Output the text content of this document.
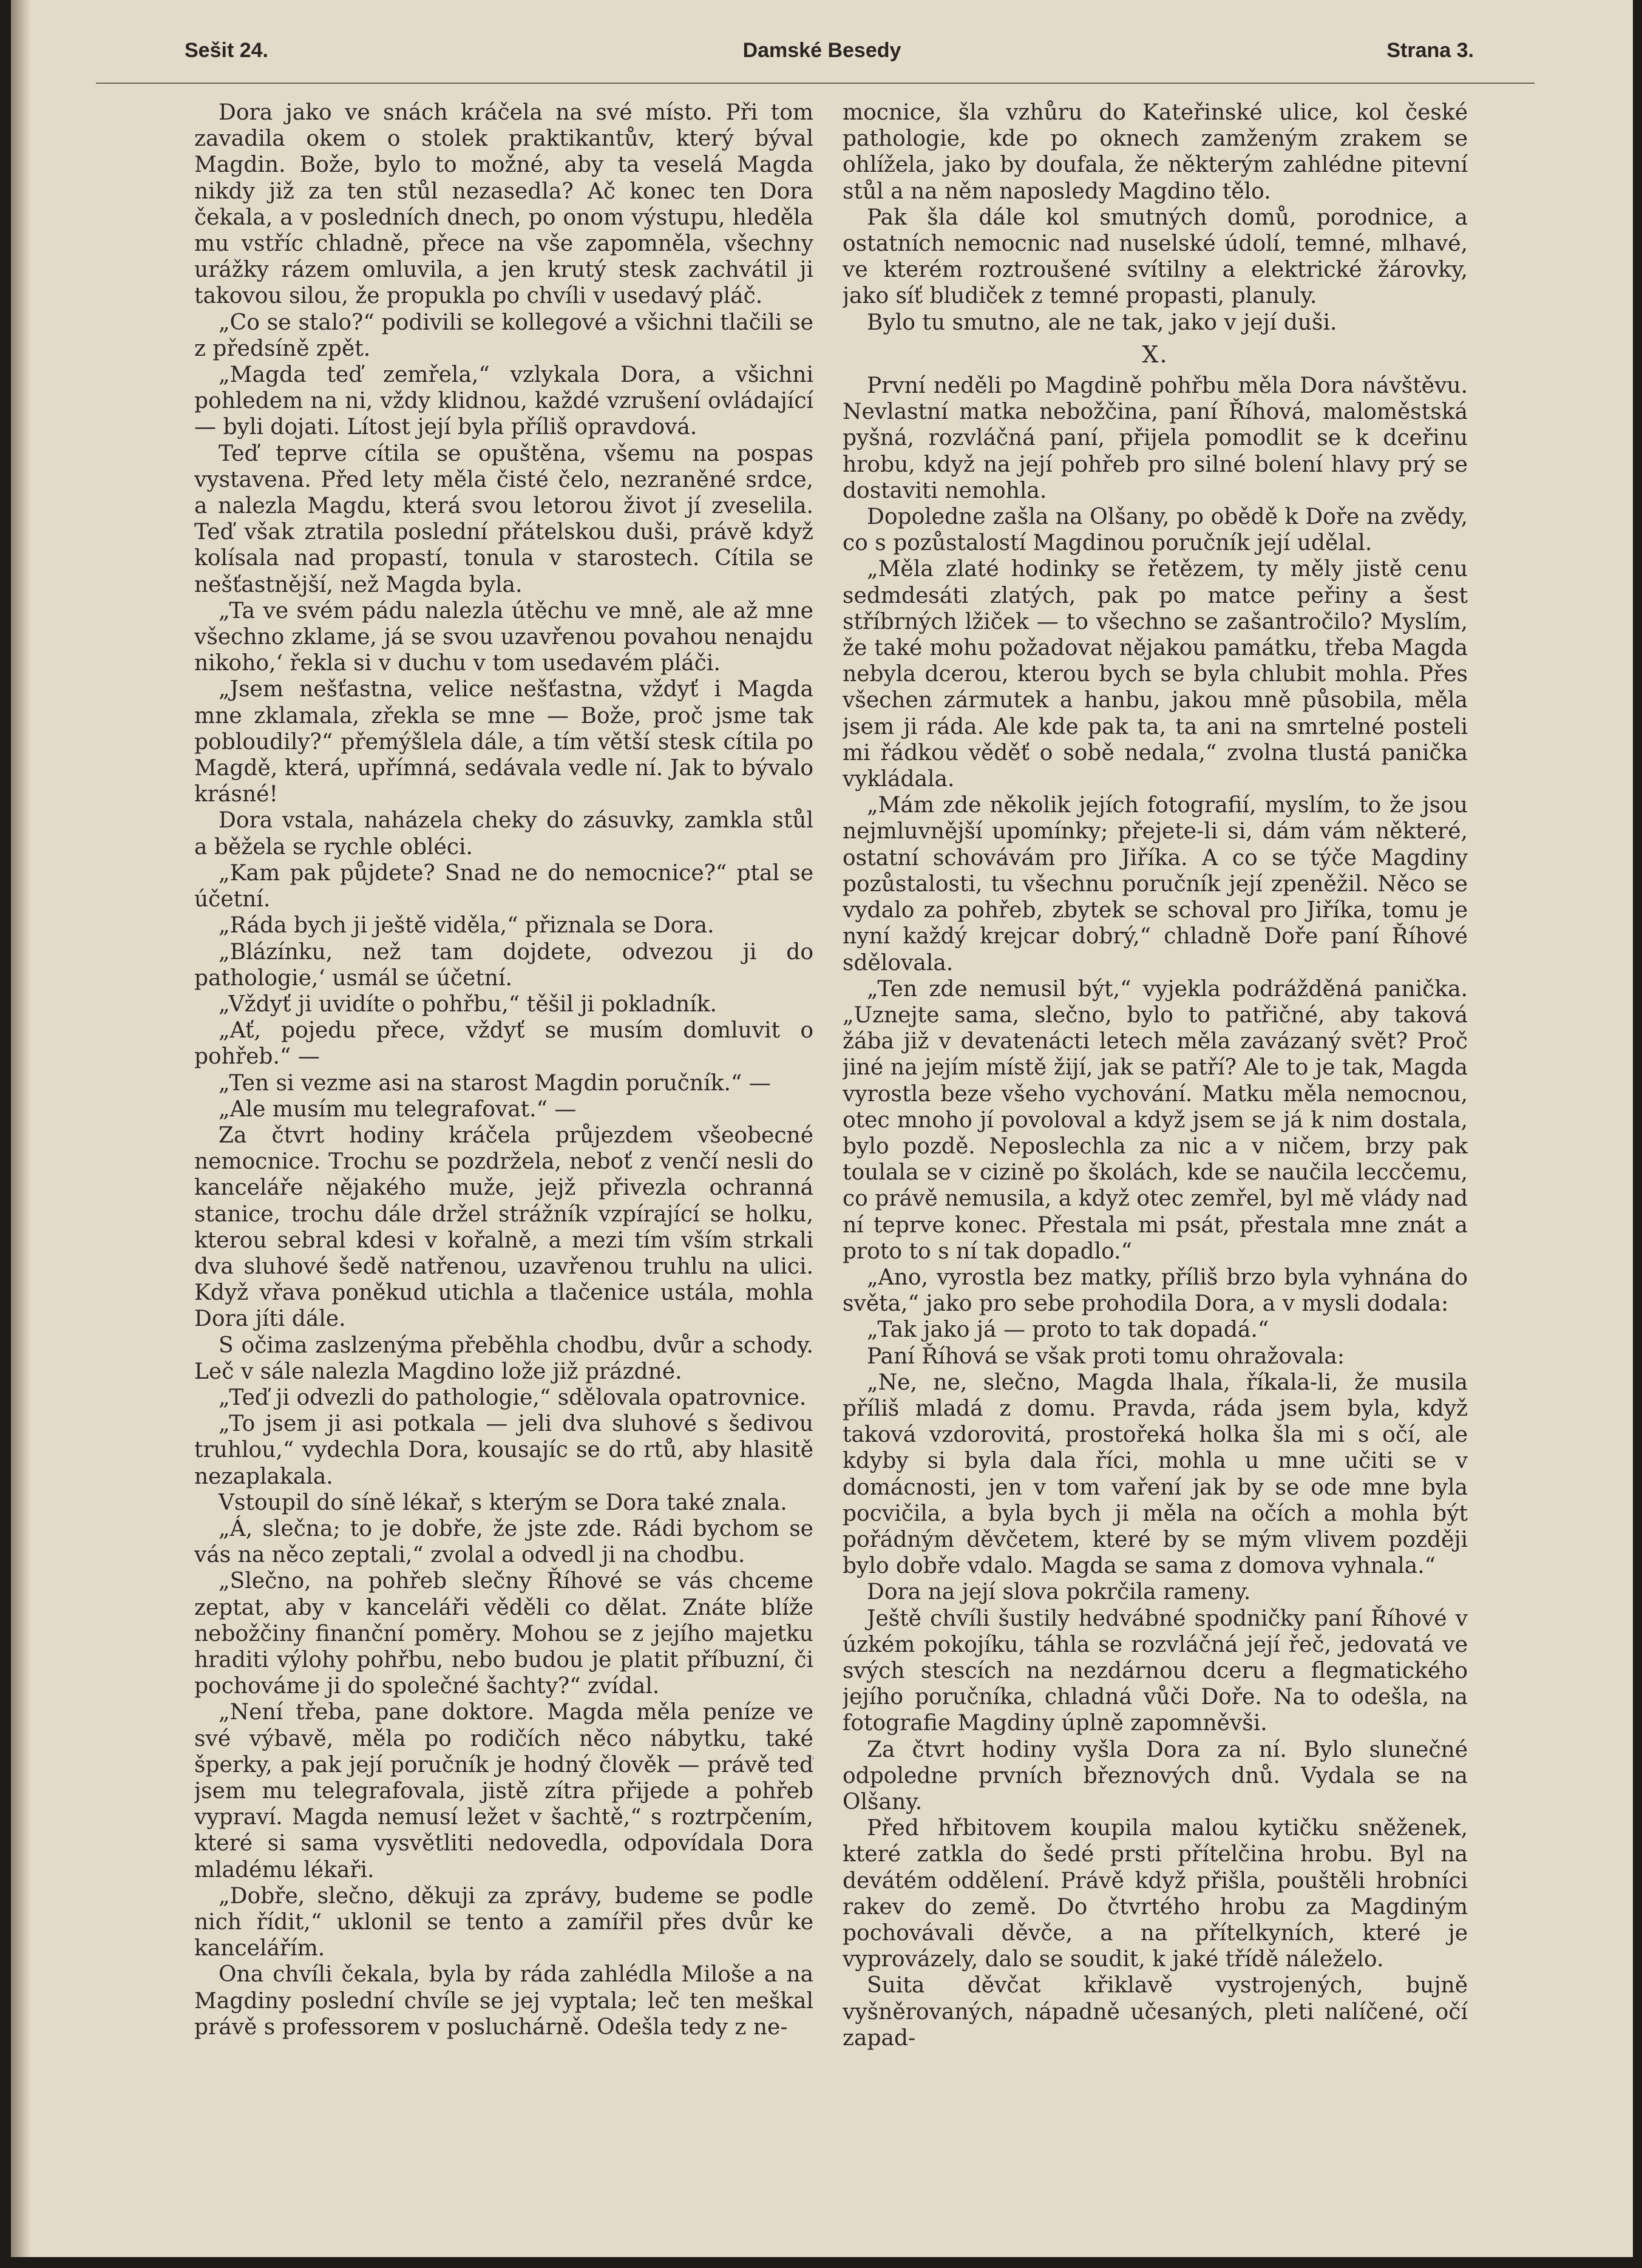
Sešit 24.	Damské Besedy	Strana 3.

Dora jako ve snách kráčela na své místo. Při tom zavadila okem o stolek praktikantův, který býval Magdin. Bože, bylo to možné, aby ta veselá Magda nikdy již za ten stůl nezasedla? Ač konec ten Dora čekala, a v posledních dnech, po onom výstupu, hleděla mu vstříc chladně, přece na vše zapomněla, všechny urážky rázem omluvila, a jen krutý stesk zachvátil ji takovou silou, že propukla po chvíli v usedavý pláč.

„Co se stalo?“ podivili se kollegové a všichni tlačili se z předsíně zpět.

„Magda teď zemřela,“ vzlykala Dora, a všichni pohledem na ni, vždy klidnou, každé vzrušení ovládající — byli dojati. Lítost její byla příliš opravdová.

Teď teprve cítila se opuštěna, všemu na pospas vystavena. Před lety měla čisté čelo, nezraněné srdce, a nalezla Magdu, která svou letorou život jí zveselila. Teď však ztratila poslední přátelskou duši, právě když kolísala nad propastí, tonula v starostech. Cítila se nešťastnější, než Magda byla.

„Ta ve svém pádu nalezla útěchu ve mně, ale až mne všechno zklame, já se svou uzavřenou povahou nenajdu nikoho,‘ řekla si v duchu v tom usedavém pláči.

„Jsem nešťastna, velice nešťastna, vždyť i Magda mne zklamala, zřekla se mne — Bože, proč jsme tak pobloudily?“ přemýšlela dále, a tím větší stesk cítila po Magdě, která, upřímná, sedávala vedle ní. Jak to bývalo krásné!

Dora vstala, naházela cheky do zásuvky, zamkla stůl a běžela se rychle obléci.

„Kam pak půjdete? Snad ne do nemocnice?“ ptal se účetní.

„Ráda bych ji ještě viděla,“ přiznala se Dora.

„Blázínku, než tam dojdete, odvezou ji do pathologie,‘ usmál se účetní.

„Vždyť ji uvidíte o pohřbu,“ těšil ji pokladník.

„Ať, pojedu přece, vždyť se musím domluvit o pohřeb.“ —

„Ten si vezme asi na starost Magdin poručník.“ —

„Ale musím mu telegrafovat.“ —

Za čtvrt hodiny kráčela průjezdem všeobecné nemocnice. Trochu se pozdržela, neboť z venčí nesli do kanceláře nějakého muže, jejž přivezla ochranná stanice, trochu dále držel strážník vzpírající se holku, kterou sebral kdesi v kořalně, a mezi tím vším strkali dva sluhové šedě natřenou, uzavřenou truhlu na ulici. Když vřava poněkud utichla a tlačenice ustála, mohla Dora jíti dále.

S očima zaslzenýma přeběhla chodbu, dvůr a schody. Leč v sále nalezla Magdino lože již prázdné.

„Teď ji odvezli do pathologie,“ sdělovala opatrovnice.

„To jsem ji asi potkala — jeli dva sluhové s šedivou truhlou,“ vydechla Dora, kousajíc se do rtů, aby hlasitě nezaplakala.

Vstoupil do síně lékař, s kterým se Dora také znala.

„Á, slečna; to je dobře, že jste zde. Rádi bychom se vás na něco zeptali,“ zvolal a odvedl ji na chodbu.

„Slečno, na pohřeb slečny Říhové se vás chceme zeptat, aby v kanceláři věděli co dělat. Znáte blíže nebožčiny finanční poměry. Mohou se z jejího majetku hraditi výlohy pohřbu, nebo budou je platit příbuzní, či pochováme ji do společné šachty?“ zvídal.

„Není třeba, pane doktore. Magda měla peníze ve své výbavě, měla po rodičích něco nábytku, také šperky, a pak její poručník je hodný člověk — právě teď jsem mu telegrafovala, jistě zítra přijede a pohřeb vypraví. Magda nemusí ležet v šachtě,“ s roztrpčením, které si sama vysvětliti nedovedla, odpovídala Dora mladému lékaři.

„Dobře, slečno, děkuji za zprávy, budeme se podle nich řídit,“ uklonil se tento a zamířil přes dvůr ke kancelářím.

Ona chvíli čekala, byla by ráda zahlédla Miloše a na Magdiny poslední chvíle se jej vyptala; leč ten meškal právě s professorem v posluchárně. Odešla tedy z ne-

mocnice, šla vzhůru do Kateřinské ulice, kol české pathologie, kde po oknech zamženým zrakem se ohlížela, jako by doufala, že některým zahlédne pitevní stůl a na něm naposledy Magdino tělo.

Pak šla dále kol smutných domů, porodnice, a ostatních nemocnic nad nuselské údolí, temné, mlhavé, ve kterém roztroušené svítilny a elektrické žárovky, jako síť bludiček z temné propasti, planuly.

Bylo tu smutno, ale ne tak, jako v její duši.

X.

První neděli po Magdině pohřbu měla Dora návštěvu. Nevlastní matka nebožčina, paní Říhová, maloměstská pyšná, rozvláčná paní, přijela pomodlit se k dceřinu hrobu, když na její pohřeb pro silné bolení hlavy prý se dostaviti nemohla.

Dopoledne zašla na Olšany, po obědě k Doře na zvědy, co s pozůstalostí Magdinou poručník její udělal.

„Měla zlaté hodinky se řetězem, ty měly jistě cenu sedmdesáti zlatých, pak po matce peřiny a šest stříbrných lžiček — to všechno se zašantročilo? Myslím, že také mohu požadovat nějakou památku, třeba Magda nebyla dcerou, kterou bych se byla chlubit mohla. Přes všechen zármutek a hanbu, jakou mně působila, měla jsem ji ráda. Ale kde pak ta, ta ani na smrtelné posteli mi řádkou věděť o sobě nedala,“ zvolna tlustá panička vykládala.

„Mám zde několik jejích fotografií, myslím, to že jsou nejmluvnější upomínky; přejete-li si, dám vám některé, ostatní schovávám pro Jiříka. A co se týče Magdiny pozůstalosti, tu všechnu poručník její zpeněžil. Něco se vydalo za pohřeb, zbytek se schoval pro Jiříka, tomu je nyní každý krejcar dobrý,“ chladně Doře paní Říhové sdělovala.

„Ten zde nemusil být,“ vyjekla podrážděná panička. „Uznejte sama, slečno, bylo to patřičné, aby taková žába již v devatenácti letech měla zavázaný svět? Proč jiné na jejím místě žijí, jak se patří? Ale to je tak, Magda vyrostla beze všeho vychování. Matku měla nemocnou, otec mnoho jí povoloval a když jsem se já k nim dostala, bylo pozdě. Neposlechla za nic a v ničem, brzy pak toulala se v cizině po školách, kde se naučila leccčemu, co právě nemusila, a když otec zemřel, byl mě vlády nad ní teprve konec. Přestala mi psát, přestala mne znát a proto to s ní tak dopadlo.“

„Ano, vyrostla bez matky, příliš brzo byla vyhnána do světa,“ jako pro sebe prohodila Dora, a v mysli dodala:

„Tak jako já — proto to tak dopadá.“

Paní Říhová se však proti tomu ohražovala:

„Ne, ne, slečno, Magda lhala, říkala-li, že musila příliš mladá z domu. Pravda, ráda jsem byla, když taková vzdorovitá, prostořeká holka šla mi s očí, ale kdyby si byla dala říci, mohla u mne učiti se v domácnosti, jen v tom vaření jak by se ode mne byla pocvičila, a byla bych ji měla na očích a mohla být pořádným děvčetem, které by se mým vlivem později bylo dobře vdalo. Magda se sama z domova vyhnala.“

Dora na její slova pokrčila rameny.

Ještě chvíli šustily hedvábné spodničky paní Říhové v úzkém pokojíku, táhla se rozvláčná její řeč, jedovatá ve svých stescích na nezdárnou dceru a flegmatického jejího poručníka, chladná vůči Doře. Na to odešla, na fotografie Magdiny úplně zapomněvši.

Za čtvrt hodiny vyšla Dora za ní. Bylo slunečné odpoledne prvních březnových dnů. Vydala se na Olšany.

Před hřbitovem koupila malou kytičku sněženek, které zatkla do šedé prsti přítelčina hrobu. Byl na devátém oddělení. Právě když přišla, pouštěli hrobníci rakev do země. Do čtvrtého hrobu za Magdiným pochovávali děvče, a na přítelkyních, které je vyprovázely, dalo se soudit, k jaké třídě náleželo.

Suita děvčat křiklavě vystrojených, bujně vyšněrovaných, nápadně učesaných, pleti nalíčené, očí zapad-
